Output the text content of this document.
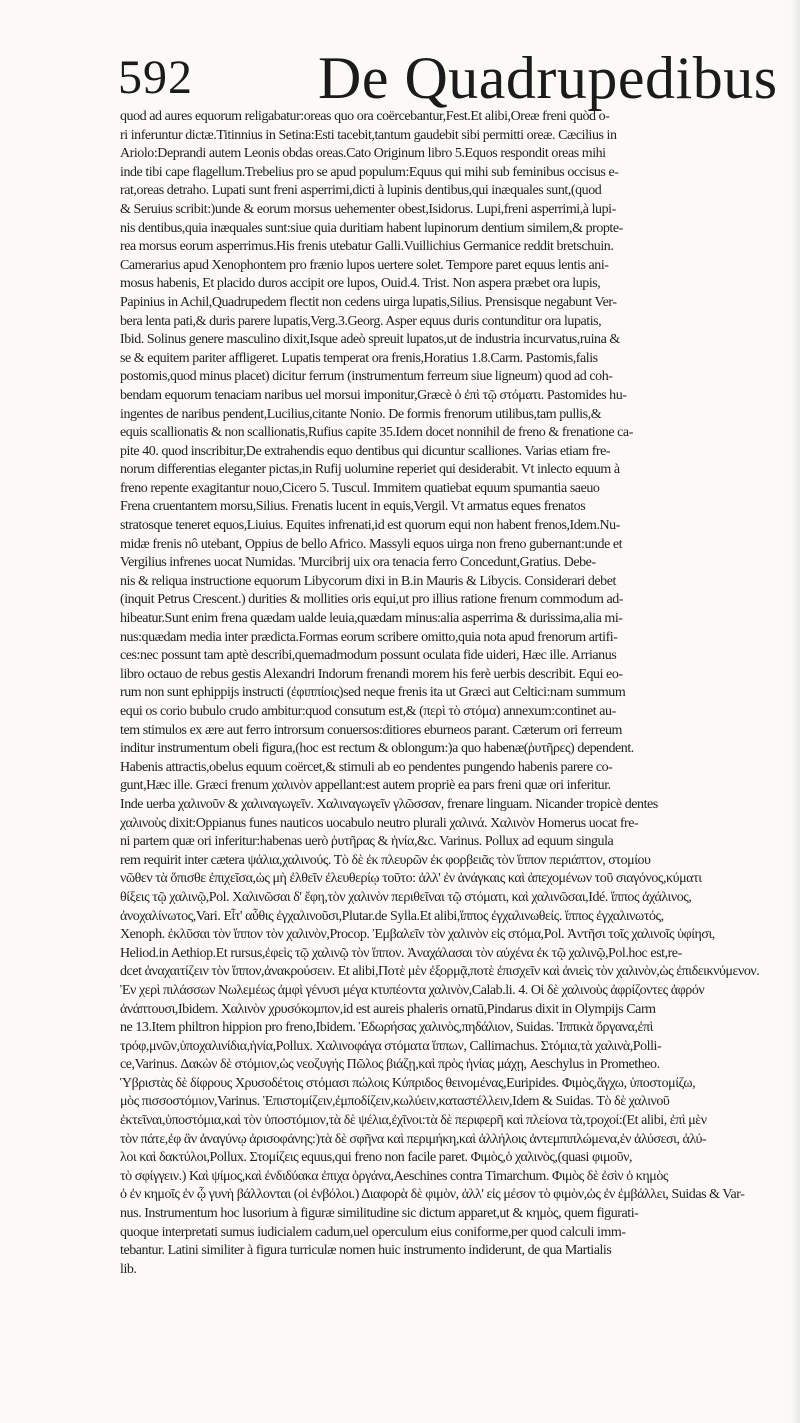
592 De Quadrupedibus
quod ad aures equorum religabatur:oreas quo ora coërcebantur,Fest.Et alibi,Oreæ freni quòd o-
ri inferuntur dictæ.Titinnius in Setina:Esti tacebit,tantum gaudebit sibi permitti oreæ. Cæcilius in
Ariolo:Deprandi autem Leonis obdas oreas.Cato Originum libro 5.Equos respondit oreas mihi
inde tibi cape flagellum.Trebelius pro se apud populum:Equus qui mihi sub feminibus occisus e-
rat,oreas detraho. Lupati sunt freni asperrimi,dicti à lupinis dentibus,qui inæquales sunt,(quod
& Seruius scribit:)unde & eorum morsus uehementer obest,Isidorus. Lupi,freni asperrimi,à lupi-
nis dentibus,quia inæquales sunt:siue quia duritiam habent lupinorum dentium similem,& propte-
rea morsus eorum asperrimus.His frenis utebatur Galli.Vuillichius Germanice reddit bretschuin.
Camerarius apud Xenophontem pro frænio lupos uertere solet. Tempore paret equus lentis ani-
mosus habenis, Et placido duros accipit ore lupos, Ouid.4. Trist. Non aspera præbet ora lupis,
Papinius in Achil,Quadrupedem flectit non cedens uirga lupatis,Silius. Prensisque negabunt Ver-
bera lenta pati,& duris parere lupatis,Verg.3.Georg. Asper equus duris contunditur ora lupatis,
Ibid. Solinus genere masculino dixit,Isque adeò spreuit lupatos,ut de industria incurvatus,ruina &
se & equitem pariter affligeret. Lupatis temperat ora frenis,Horatius 1.8.Carm. Pastomis,falis
postomis,quod minus placet) dicitur ferrum (instrumentum ferreum siue ligneum) quod ad coh-
bendam equorum tenaciam naribus uel morsui imponitur,Græcè ὁ ἐπὶ τῷ στόματι. Pastomides hu-
ingentes de naribus pendent,Lucilius,citante Nonio. De formis frenorum utilibus,tam pullis,&
equis scallionatis & non scallionatis,Rufius capite 35.Idem docet nonnihil de freno & frenatione ca-
pite 40. quod inscribitur,De extrahendis equo dentibus qui dicuntur scalliones. Varias etiam fre-
norum differentias eleganter pictas,in Rufij uolumine reperiet qui desiderabit. Vt inlecto equum à
freno repente exagitantur nouo,Cicero 5. Tuscul. Immitem quatiebat equum spumantia saeuo
Frena cruentantem morsu,Silius. Frenatis lucent in equis,Vergil. Vt armatus eques frenatos
stratosque teneret equos,Liuius. Equites infrenati,id est quorum equi non habent frenos,Idem.Nu-
midæ frenis nô utebant, Oppius de bello Africo. Massyli equos uirga non freno gubernant:unde et
Vergilius infrenes uocat Numidas. 'Murcibrij uix ora tenacia ferro Concedunt,Gratius. Debe-
nis & reliqua instructione equorum Libycorum dixi in B.in Mauris & Libycis. Considerari debet
(inquit Petrus Crescent.) durities & mollities oris equi,ut pro illius ratione frenum commodum ad-
hibeatur.Sunt enim frena quædam ualde leuia,quædam minus:alia asperrima & durissima,alia mi-
nus:quædam media inter prædicta.Formas eorum scribere omitto,quia nota apud frenorum artifi-
ces:nec possunt tam aptè describi,quemadmodum possunt oculata fide uideri, Hæc ille. Arrianus
libro octauo de rebus gestis Alexandri Indorum frenandi morem his ferè uerbis describit. Equi eo-
rum non sunt ephippijs instructi (ἐφιππίοις)sed neque frenis ita ut Græci aut Celtici:nam summum
equi os corio bubulo crudo ambitur:quod consutum est,& (περὶ τὸ στόμα) annexum:continet au-
tem stimulos ex ære aut ferro introrsum conuersos:ditiores eburneos parant. Cæterum ori ferreum
inditur instrumentum obeli figura,(hoc est rectum & oblongum:)a quo habenæ(ῥυτῆρες) dependent.
Habenis attractis,obelus equum coërcet,& stimuli ab eo pendentes pungendo habenis parere co-
gunt,Hæc ille. Græci frenum χαλινὸν appellant:est autem propriè ea pars freni quæ ori inferitur.
Inde uerba χαλινοῦν & χαλιναγωγεῖν. Χαλιναγωγεῖν γλῶσσαν, frenare linguam. Nicander tropicè dentes
χαλινοὺς dixit:Oppianus funes nauticos uocabulo neutro plurali χαλινά. Χαλινὸν Homerus uocat fre-
ni partem quæ ori inferitur:habenas uerò ῥυτῆρας & ἡνία,&c. Varinus. Pollux ad equum singula
rem requirit inter cætera ψάλια,χαλινούς. Τὸ δὲ ἐκ πλευρῶν ἐκ φορβειᾶς τὸν ἵππον περιάπτον, στομίου
νῶθεν τὰ ὅπισθε ἐπιχεῖσα,ὡς μὴ ἐλθεῖν ἐλευθερίῳ τοῦτο: ἀλλ' ἐν ἀνάγκαις καὶ ἀπεχομένων τοῦ σιαγόνος,κύματι
θίξεις τῷ χαλινῷ,Pol. Χαλινῶσαι δ' ἔφη,τὸν χαλινὸν περιθεῖναι τῷ στόματι, καὶ χαλινῶσαι,Idé. ἵππος ἀχάλινος,
ἀνοχαλίνωτος,Vari. Εἶτ' αὖθις ἐγχαλινοῦσι,Plutar.de Sylla.Et alibi,ἵππος ἐγχαλινωθείς. ἵππος ἐγχαλινωτός,
Xenoph. ἐκλῦσαι τὸν ἵππον τὸν χαλινὸν,Procop. Ἐμβαλεῖν τὸν χαλινὸν εἰς στόμα,Pol. Ἀντῆσι τοῖς χαλινοῖς ὑφίησι,
Heliod.in Aethiop.Et rursus,ἐφεὶς τῷ χαλινῷ τὸν ἵππον. Ἀναχάλασαι τὸν αὐχένα ἐκ τῷ χαλινῷ,Pol.hoc est,re-
dcet ἀναχαιτίζειν τὸν ἵππον,ἀνακρούσειν. Et alibi,Ποτὲ μὲν ἐξορμᾷ,ποτὲ ἐπισχεῖν καὶ ἀνιεὶς τὸν χαλινὸν,ὡς ἐπιδεικνύμενον.
Ἐν χερὶ πιλάσσων Νωλεμέως ἀμφὶ γένυσι μέγα κτυπέοντα χαλινὸν,Calab.li. 4. Οἱ δὲ χαλινοὺς ἀφρίζοντες ἀφρόν
ἀνάπτουσι,Ibidem. Χαλινὸν χρυσόκομπον,id est aureis phaleris ornatū,Pindarus dixit in Olympijs Carm
ne 13.Item philtron hippion pro freno,Ibidem. Ἐδωρήσας χαλινὸς,πηδάλιον, Suidas. Ἱππικὰ ὄργανα,ἐπὶ
τρόφ,μνῶν,ὑποχαλινίδια,ἡνία,Pollux. Χαλινοφάγα στόματα ἵππων, Callimachus. Στόμια,τὰ χαλινὰ,Polli-
ce,Varinus. Δακὼν δὲ στόμιον,ὡς νεοζυγής Πῶλος βιάζῃ,καὶ πρὸς ἡνίας μάχῃ, Aeschylus in Prometheo.
Ὑβριστὰς δὲ δίφρους Χρυσοδέτοις στόμασι πώλοις Κύπριδος θεινομένας,Euripides. Φιμὸς,ἄγχω, ὑποστομίζω,
μὸς πισσοστόμιον,Varinus. Ἐπιστομίζειν,ἐμποδίζειν,κωλύειν,καταστέλλειν,Idem & Suidas. Τὸ δὲ χαλινοῦ
ἐκτεῖναι,ὑποστόμια,καὶ τὸν ὑποστόμιον,τὰ δὲ ψέλια,ἐχῖνοι:τὰ δὲ περιφερῆ καὶ πλείονα τὰ,τροχοί:(Et alibi, ἐπὶ μὲν
τὸν πάτε,ἐφ ἃν ἀναγύνῳ ἀρισοφάνης:)τὰ δὲ σφῆνα καὶ περιμήκη,καὶ ἀλλήλοις ἀντεμπιπλώμενα,ἐν ἀλύσεσι, ἀλύ-
λοι καὶ δακτύλοι,Pollux. Στομίζεις equus,qui freno non facile paret. Φιμὸς,ὁ χαλινὸς,(quasi φιμοῦν,
τὸ σφίγγειν.) Καὶ ψίμος,καὶ ἐνδιδύακα ἐπιχα ὀργάνα,Aeschines contra Timarchum. Φιμὸς δὲ ἐσὶν ὁ κημὸς
ὁ ἐν κημοῖς ἐν ᾧ γυνὴ βάλλονται (οἱ ἐνβόλοι.) Διαφορὰ δὲ φιμὸν, ἀλλ' εἰς μέσον τὸ φιμὸν,ὡς ἐν ἐμβάλλει, Suidas & Var-
nus. Instrumentum hoc lusorium à figuræ similitudine sic dictum apparet,ut & κημὸς, quem figurati-
quoque interpretati sumus iudicialem cadum,uel operculum eius coniforme,per quod calculi imm-
tebantur. Latini similiter à figura turriculæ nomen huic instrumento indiderunt, de qua Martialis
lib.
